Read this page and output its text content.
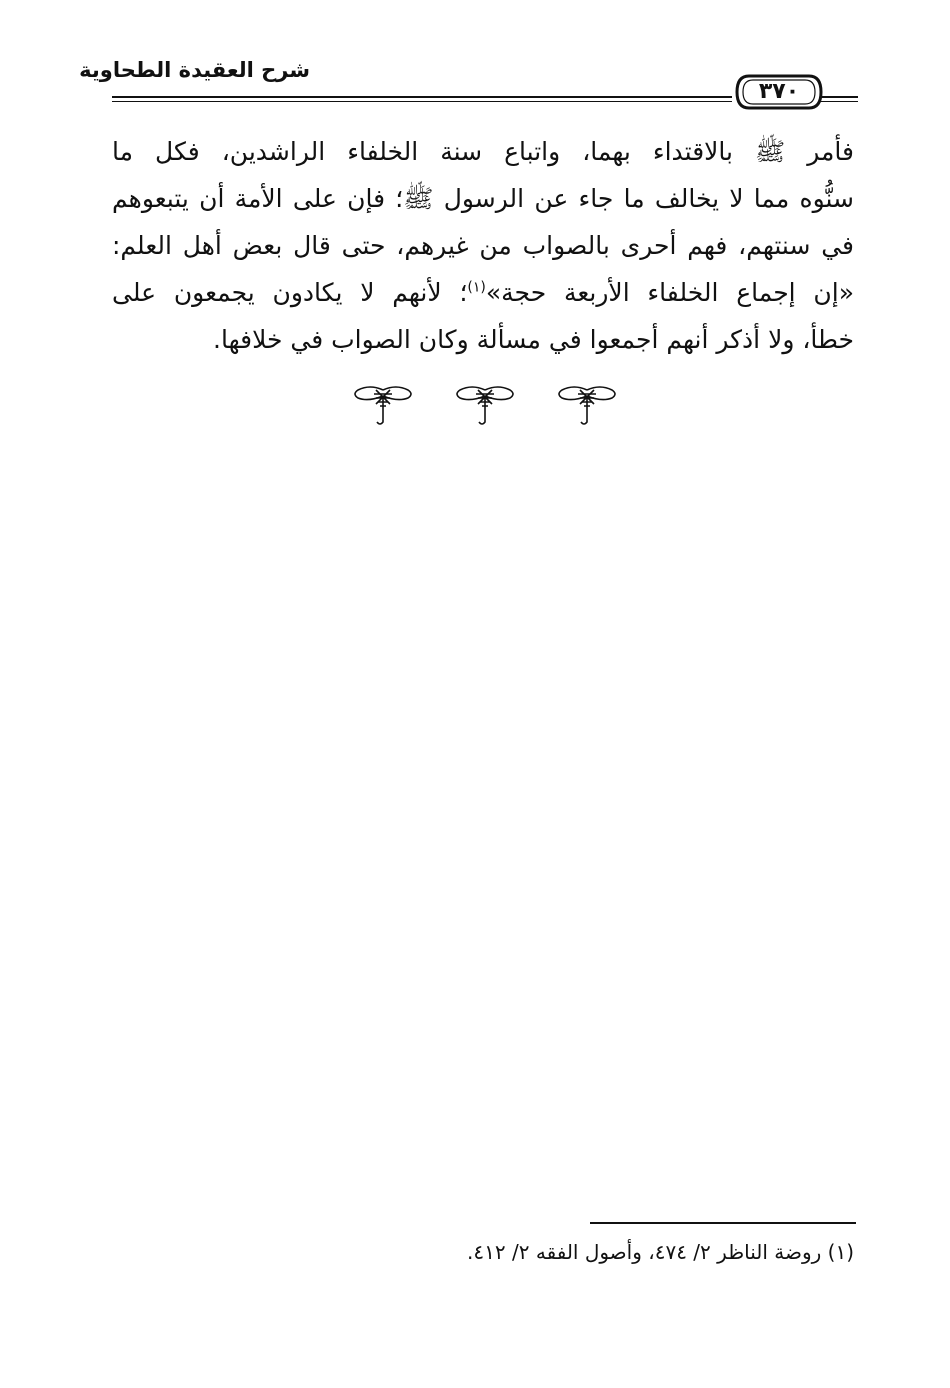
شرح العقيدة الطحاوية
٣٧٠
فأمر ﷺ بالاقتداء بهما، واتباع سنة الخلفاء الراشدين، فكل ما
سنُّوه مما لا يخالف ما جاء عن الرسول ﷺ؛ فإن على الأمة أن يتبعوهم
في سنتهم، فهم أحرى بالصواب من غيرهم، حتى قال بعض أهل العلم:
«إن إجماع الخلفاء الأربعة حجة»$^{(١)}$؛ لأنهم لا يكادون يجمعون على
خطأ، ولا أذكر أنهم أجمعوا في مسألة وكان الصواب في خلافها.
(١) روضة الناظر ٢/ ٤٧٤، وأصول الفقه ٢/ ٤١٢.
